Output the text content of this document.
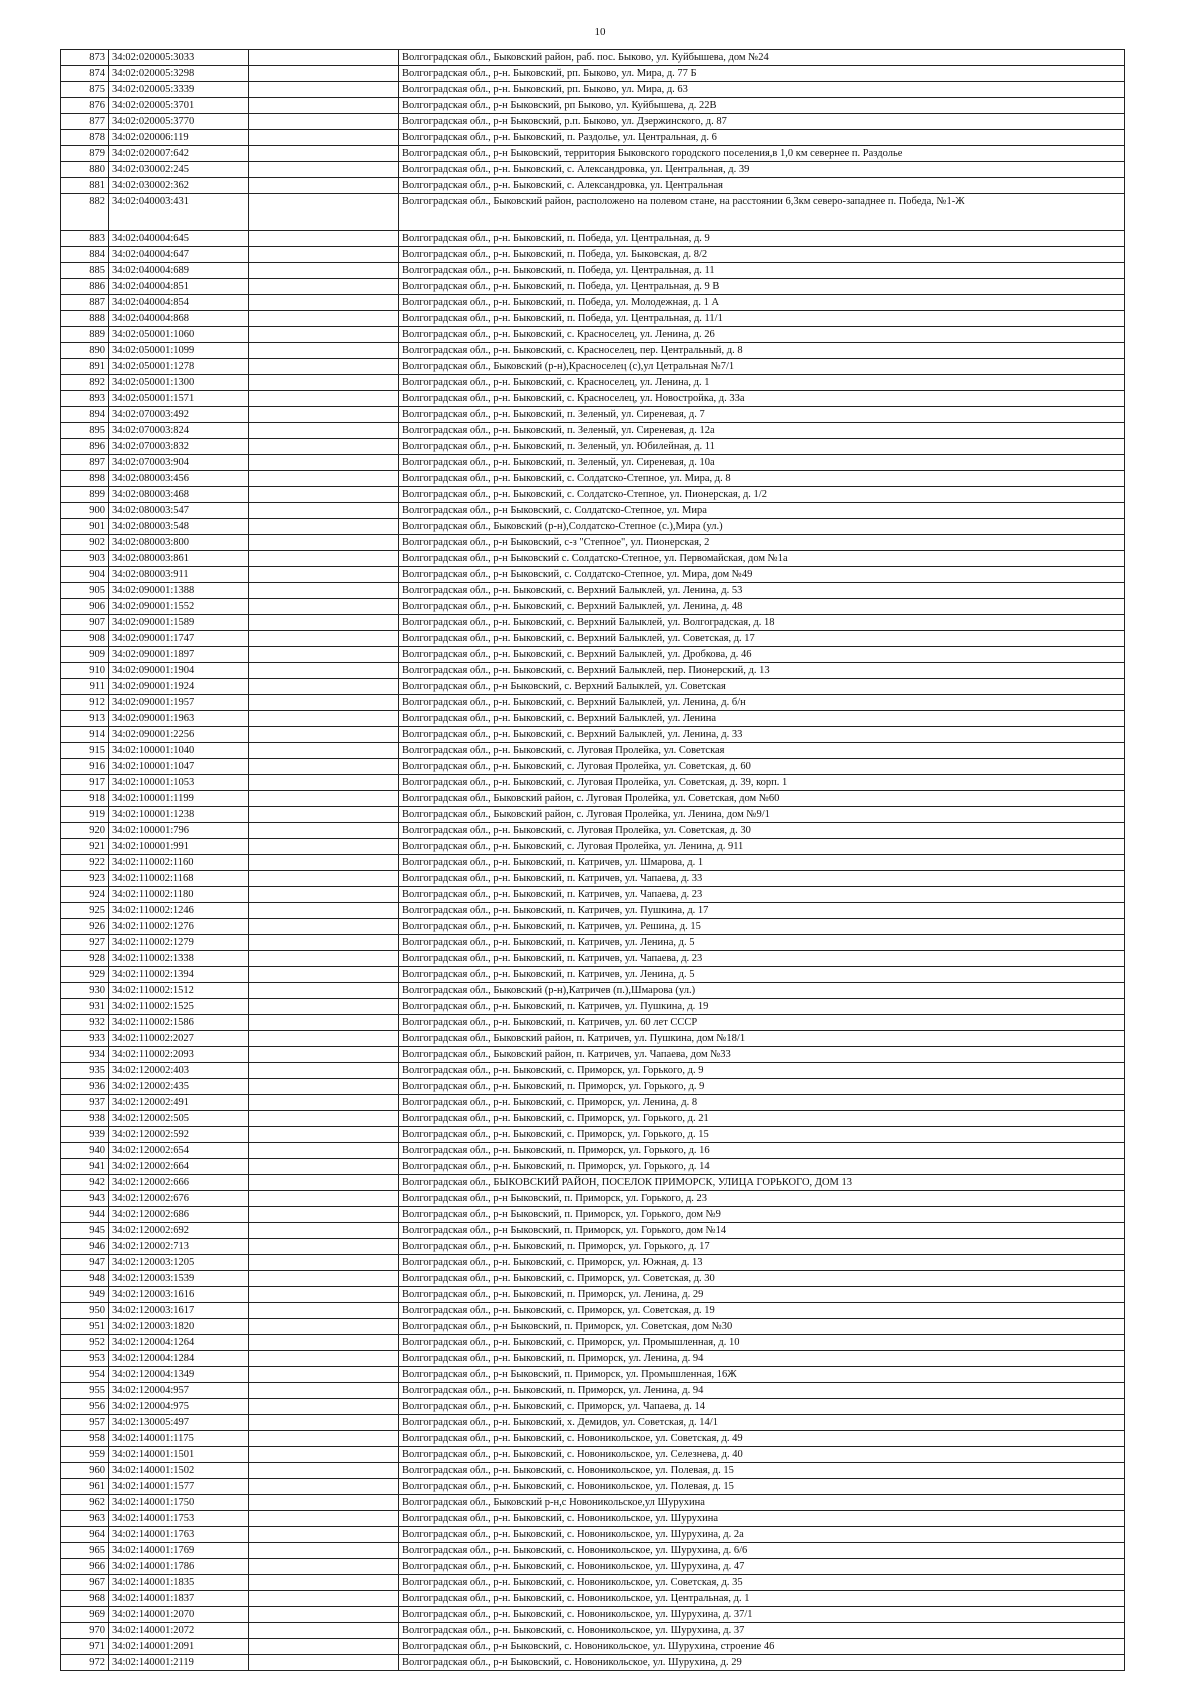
10
873	34:02:020005:3033		Волгоградская обл., Быковский район, раб. пос. Быково, ул. Куйбышева, дом №24
874	34:02:020005:3298		Волгоградская обл., р-н. Быковский, рп. Быково, ул. Мира, д. 77 Б
875	34:02:020005:3339		Волгоградская обл., р-н. Быковский, рп. Быково, ул. Мира, д. 63
876	34:02:020005:3701		Волгоградская обл., р-н Быковский, рп Быково, ул. Куйбышева, д. 22В
877	34:02:020005:3770		Волгоградская обл., р-н Быковский, р.п. Быково, ул. Дзержинского, д. 87
878	34:02:020006:119		Волгоградская обл., р-н. Быковский, п. Раздолье, ул. Центральная, д. 6
879	34:02:020007:642		Волгоградская обл., р-н Быковский, территория Быковского городского поселения,в 1,0 км севернее п. Раздолье
880	34:02:030002:245		Волгоградская обл., р-н. Быковский, с. Александровка, ул. Центральная, д. 39
881	34:02:030002:362		Волгоградская обл., р-н. Быковский, с. Александровка, ул. Центральная
882	34:02:040003:431		Волгоградская обл., Быковский район, расположено на полевом стане, на расстоянии 6,3км северо-западнее п. Победа, №1-Ж
883	34:02:040004:645		Волгоградская обл., р-н. Быковский, п. Победа, ул. Центральная, д. 9
884	34:02:040004:647		Волгоградская обл., р-н. Быковский, п. Победа, ул. Быковская, д. 8/2
885	34:02:040004:689		Волгоградская обл., р-н. Быковский, п. Победа, ул. Центральная, д. 11
886	34:02:040004:851		Волгоградская обл., р-н. Быковский, п. Победа, ул. Центральная, д. 9 В
887	34:02:040004:854		Волгоградская обл., р-н. Быковский, п. Победа, ул. Молодежная, д. 1 А
888	34:02:040004:868		Волгоградская обл., р-н. Быковский, п. Победа, ул. Центральная, д. 11/1
889	34:02:050001:1060		Волгоградская обл., р-н. Быковский, с. Красноселец, ул. Ленина, д. 26
890	34:02:050001:1099		Волгоградская обл., р-н. Быковский, с. Красноселец, пер. Центральный, д. 8
891	34:02:050001:1278		Волгоградская обл., Быковский (р-н),Красноселец (с),ул Цетральная №7/1
892	34:02:050001:1300		Волгоградская обл., р-н. Быковский, с. Красноселец, ул. Ленина, д. 1
893	34:02:050001:1571		Волгоградская обл., р-н. Быковский, с. Красноселец, ул. Новостройка, д. 33а
894	34:02:070003:492		Волгоградская обл., р-н. Быковский, п. Зеленый, ул. Сиреневая, д. 7
895	34:02:070003:824		Волгоградская обл., р-н. Быковский, п. Зеленый, ул. Сиреневая, д. 12а
896	34:02:070003:832		Волгоградская обл., р-н. Быковский, п. Зеленый, ул. Юбилейная, д. 11
897	34:02:070003:904		Волгоградская обл., р-н. Быковский, п. Зеленый, ул. Сиреневая, д. 10а
898	34:02:080003:456		Волгоградская обл., р-н. Быковский, с. Солдатско-Степное, ул. Мира, д. 8
899	34:02:080003:468		Волгоградская обл., р-н. Быковский, с. Солдатско-Степное, ул. Пионерская, д. 1/2
900	34:02:080003:547		Волгоградская обл., р-н Быковский, с. Солдатско-Степное, ул. Мира
901	34:02:080003:548		Волгоградская обл., Быковский (р-н),Солдатско-Степное (с.),Мира (ул.)
902	34:02:080003:800		Волгоградская обл., р-н Быковский, с-з "Степное", ул. Пионерская, 2
903	34:02:080003:861		Волгоградская обл., р-н Быковский с. Солдатско-Степное, ул. Первомайская, дом №1а
904	34:02:080003:911		Волгоградская обл., р-н Быковский, с. Солдатско-Степное, ул. Мира, дом №49
905	34:02:090001:1388		Волгоградская обл., р-н. Быковский, с. Верхний Балыклей, ул. Ленина, д. 53
906	34:02:090001:1552		Волгоградская обл., р-н. Быковский, с. Верхний Балыклей, ул. Ленина, д. 48
907	34:02:090001:1589		Волгоградская обл., р-н. Быковский, с. Верхний Балыклей, ул. Волгоградская, д. 18
908	34:02:090001:1747		Волгоградская обл., р-н. Быковский, с. Верхний Балыклей, ул. Советская, д. 17
909	34:02:090001:1897		Волгоградская обл., р-н. Быковский, с. Верхний Балыклей, ул. Дробкова, д. 46
910	34:02:090001:1904		Волгоградская обл., р-н. Быковский, с. Верхний Балыклей, пер. Пионерский, д. 13
911	34:02:090001:1924		Волгоградская обл., р-н Быковский, с. Верхний Балыклей, ул. Советская
912	34:02:090001:1957		Волгоградская обл., р-н. Быковский, с. Верхний Балыклей, ул. Ленина, д. б/н
913	34:02:090001:1963		Волгоградская обл., р-н. Быковский, с. Верхний Балыклей, ул. Ленина
914	34:02:090001:2256		Волгоградская обл., р-н. Быковский, с. Верхний Балыклей, ул. Ленина, д. 33
915	34:02:100001:1040		Волгоградская обл., р-н. Быковский, с. Луговая Пролейка, ул. Советская
916	34:02:100001:1047		Волгоградская обл., р-н. Быковский, с. Луговая Пролейка, ул. Советская, д. 60
917	34:02:100001:1053		Волгоградская обл., р-н. Быковский, с. Луговая Пролейка, ул. Советская, д. 39, корп. 1
918	34:02:100001:1199		Волгоградская обл., Быковский район, с. Луговая Пролейка, ул. Советская, дом №60
919	34:02:100001:1238		Волгоградская обл., Быковский район, с. Луговая Пролейка, ул. Ленина, дом №9/1
920	34:02:100001:796		Волгоградская обл., р-н. Быковский, с. Луговая Пролейка, ул. Советская, д. 30
921	34:02:100001:991		Волгоградская обл., р-н. Быковский, с. Луговая Пролейка, ул. Ленина, д. 911
922	34:02:110002:1160		Волгоградская обл., р-н. Быковский, п. Катричев, ул. Шмарова, д. 1
923	34:02:110002:1168		Волгоградская обл., р-н. Быковский, п. Катричев, ул. Чапаева, д. 33
924	34:02:110002:1180		Волгоградская обл., р-н. Быковский, п. Катричев, ул. Чапаева, д. 23
925	34:02:110002:1246		Волгоградская обл., р-н. Быковский, п. Катричев, ул. Пушкина, д. 17
926	34:02:110002:1276		Волгоградская обл., р-н. Быковский, п. Катричев, ул. Решина, д. 15
927	34:02:110002:1279		Волгоградская обл., р-н. Быковский, п. Катричев, ул. Ленина, д. 5
928	34:02:110002:1338		Волгоградская обл., р-н. Быковский, п. Катричев, ул. Чапаева, д. 23
929	34:02:110002:1394		Волгоградская обл., р-н. Быковский, п. Катричев, ул. Ленина, д. 5
930	34:02:110002:1512		Волгоградская обл., Быковский (р-н),Катричев (п.),Шмарова (ул.)
931	34:02:110002:1525		Волгоградская обл., р-н. Быковский, п. Катричев, ул. Пушкина, д. 19
932	34:02:110002:1586		Волгоградская обл., р-н. Быковский, п. Катричев, ул. 60 лет СССР
933	34:02:110002:2027		Волгоградская обл., Быковский район, п. Катричев, ул. Пушкина, дом №18/1
934	34:02:110002:2093		Волгоградская обл., Быковский район, п. Катричев, ул. Чапаева, дом №33
935	34:02:120002:403		Волгоградская обл., р-н. Быковский, с. Приморск, ул. Горького, д. 9
936	34:02:120002:435		Волгоградская обл., р-н. Быковский, п. Приморск, ул. Горького, д. 9
937	34:02:120002:491		Волгоградская обл., р-н. Быковский, с. Приморск, ул. Ленина, д. 8
938	34:02:120002:505		Волгоградская обл., р-н. Быковский, с. Приморск, ул. Горького, д. 21
939	34:02:120002:592		Волгоградская обл., р-н. Быковский, с. Приморск, ул. Горького, д. 15
940	34:02:120002:654		Волгоградская обл., р-н. Быковский, п. Приморск, ул. Горького, д. 16
941	34:02:120002:664		Волгоградская обл., р-н. Быковский, п. Приморск, ул. Горького, д. 14
942	34:02:120002:666		Волгоградская обл., БЫКОВСКИЙ РАЙОН, ПОСЕЛОК ПРИМОРСК, УЛИЦА ГОРЬКОГО, ДОМ 13
943	34:02:120002:676		Волгоградская обл., р-н Быковский, п. Приморск, ул. Горького, д. 23
944	34:02:120002:686		Волгоградская обл., р-н Быковский, п. Приморск, ул. Горького, дом №9
945	34:02:120002:692		Волгоградская обл., р-н Быковский, п. Приморск, ул. Горького, дом №14
946	34:02:120002:713		Волгоградская обл., р-н. Быковский, п. Приморск, ул. Горького, д. 17
947	34:02:120003:1205		Волгоградская обл., р-н. Быковский, с. Приморск, ул. Южная, д. 13
948	34:02:120003:1539		Волгоградская обл., р-н. Быковский, с. Приморск, ул. Советская, д. 30
949	34:02:120003:1616		Волгоградская обл., р-н. Быковский, п. Приморск, ул. Ленина, д. 29
950	34:02:120003:1617		Волгоградская обл., р-н. Быковский, с. Приморск, ул. Советская, д. 19
951	34:02:120003:1820		Волгоградская обл., р-н Быковский, п. Приморск, ул. Советская, дом №30
952	34:02:120004:1264		Волгоградская обл., р-н. Быковский, с. Приморск, ул. Промышленная, д. 10
953	34:02:120004:1284		Волгоградская обл., р-н. Быковский, п. Приморск, ул. Ленина, д. 94
954	34:02:120004:1349		Волгоградская обл., р-н Быковский, п. Приморск, ул. Промышленная, 16Ж
955	34:02:120004:957		Волгоградская обл., р-н. Быковский, п. Приморск, ул. Ленина, д. 94
956	34:02:120004:975		Волгоградская обл., р-н. Быковский, с. Приморск, ул. Чапаева, д. 14
957	34:02:130005:497		Волгоградская обл., р-н. Быковский, х. Демидов, ул. Советская, д. 14/1
958	34:02:140001:1175		Волгоградская обл., р-н. Быковский, с. Новоникольское, ул. Советская, д. 49
959	34:02:140001:1501		Волгоградская обл., р-н. Быковский, с. Новоникольское, ул. Селезнева, д. 40
960	34:02:140001:1502		Волгоградская обл., р-н. Быковский, с. Новоникольское, ул. Полевая, д. 15
961	34:02:140001:1577		Волгоградская обл., р-н. Быковский, с. Новоникольское, ул. Полевая, д. 15
962	34:02:140001:1750		Волгоградская обл., Быковский р-н,с Новоникольское,ул Шурухина
963	34:02:140001:1753		Волгоградская обл., р-н. Быковский, с. Новоникольское, ул. Шурухина
964	34:02:140001:1763		Волгоградская обл., р-н. Быковский, с. Новоникольское, ул. Шурухина, д. 2а
965	34:02:140001:1769		Волгоградская обл., р-н. Быковский, с. Новоникольское, ул. Шурухина, д. 6/6
966	34:02:140001:1786		Волгоградская обл., р-н. Быковский, с. Новоникольское, ул. Шурухина, д. 47
967	34:02:140001:1835		Волгоградская обл., р-н. Быковский, с. Новоникольское, ул. Советская, д. 35
968	34:02:140001:1837		Волгоградская обл., р-н. Быковский, с. Новоникольское, ул. Центральная, д. 1
969	34:02:140001:2070		Волгоградская обл., р-н. Быковский, с. Новоникольское, ул. Шурухина, д. 37/1
970	34:02:140001:2072		Волгоградская обл., р-н. Быковский, с. Новоникольское, ул. Шурухина, д. 37
971	34:02:140001:2091		Волгоградская обл., р-н Быковский, с. Новоникольское, ул. Шурухина, строение 46
972	34:02:140001:2119		Волгоградская обл., р-н Быковский, с. Новоникольское, ул. Шурухина, д. 29
